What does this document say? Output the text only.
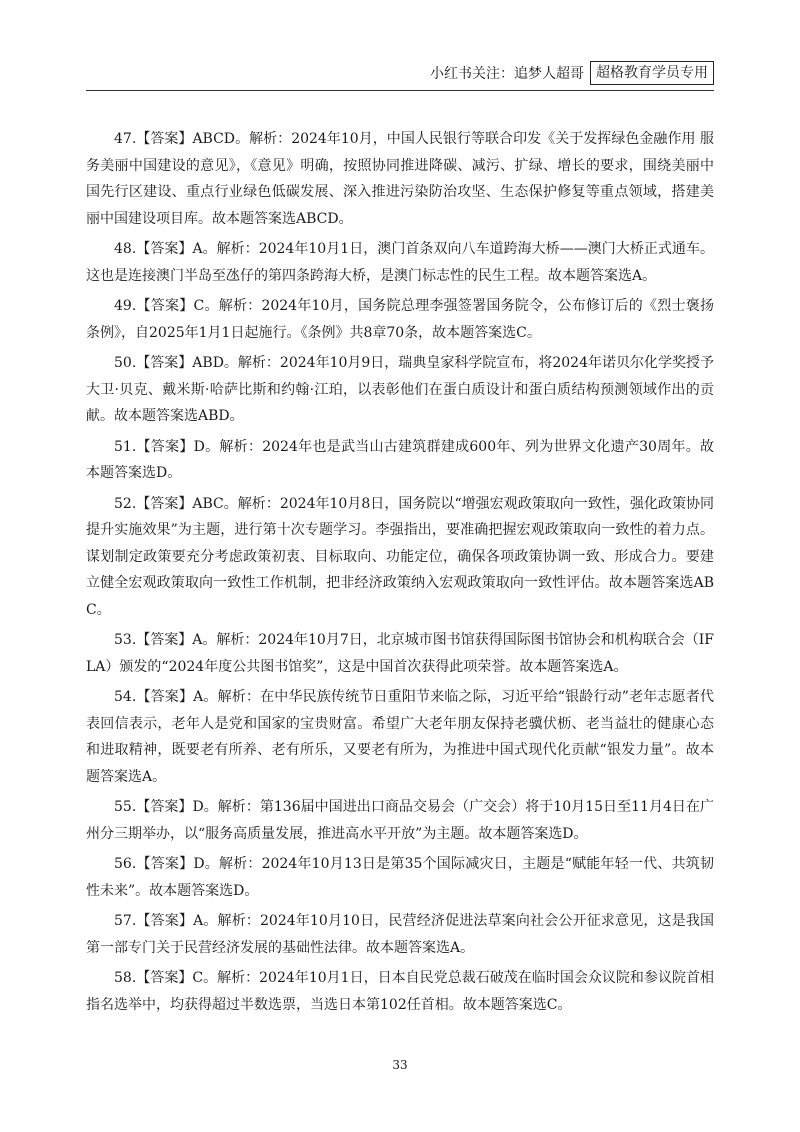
小红书关注：追梦人超哥 超格教育学员专用

47.【答案】ABCD。解析：2024年10月，中国人民银行等联合印发《关于发挥绿色金融作用 服务美丽中国建设的意见》，《意见》明确，按照协同推进降碳、减污、扩绿、增长的要求，围绕美丽中国先行区建设、重点行业绿色低碳发展、深入推进污染防治攻坚、生态保护修复等重点领域，搭建美丽中国建设项目库。故本题答案选ABCD。

48.【答案】A。解析：2024年10月1日，澳门首条双向八车道跨海大桥——澳门大桥正式通车。这也是连接澳门半岛至氹仔的第四条跨海大桥，是澳门标志性的民生工程。故本题答案选A。

49.【答案】C。解析：2024年10月，国务院总理李强签署国务院令，公布修订后的《烈士褒扬条例》，自2025年1月1日起施行。《条例》共8章70条，故本题答案选C。

50.【答案】ABD。解析：2024年10月9日，瑞典皇家科学院宣布，将2024年诺贝尔化学奖授予大卫·贝克、戴米斯·哈萨比斯和约翰·江珀，以表彰他们在蛋白质设计和蛋白质结构预测领域作出的贡献。故本题答案选ABD。

51.【答案】D。解析：2024年也是武当山古建筑群建成600年、列为世界文化遗产30周年。故本题答案选D。

52.【答案】ABC。解析：2024年10月8日，国务院以“增强宏观政策取向一致性，强化政策协同提升实施效果”为主题，进行第十次专题学习。李强指出，要准确把握宏观政策取向一致性的着力点。谋划制定政策要充分考虑政策初衷、目标取向、功能定位，确保各项政策协调一致、形成合力。要建立健全宏观政策取向一致性工作机制，把非经济政策纳入宏观政策取向一致性评估。故本题答案选ABC。

53.【答案】A。解析：2024年10月7日，北京城市图书馆获得国际图书馆协会和机构联合会（IFLA）颁发的“2024年度公共图书馆奖”，这是中国首次获得此项荣誉。故本题答案选A。

54.【答案】A。解析：在中华民族传统节日重阳节来临之际，习近平给“银龄行动”老年志愿者代表回信表示，老年人是党和国家的宝贵财富。希望广大老年朋友保持老骥伏枥、老当益壮的健康心态和进取精神，既要老有所养、老有所乐，又要老有所为，为推进中国式现代化贡献“银发力量”。故本题答案选A。

55.【答案】D。解析：第136届中国进出口商品交易会（广交会）将于10月15日至11月4日在广州分三期举办，以“服务高质量发展，推进高水平开放”为主题。故本题答案选D。

56.【答案】D。解析：2024年10月13日是第35个国际减灾日，主题是“赋能年轻一代、共筑韧性未来”。故本题答案选D。

57.【答案】A。解析：2024年10月10日，民营经济促进法草案向社会公开征求意见，这是我国第一部专门关于民营经济发展的基础性法律。故本题答案选A。

58.【答案】C。解析：2024年10月1日，日本自民党总裁石破茂在临时国会众议院和参议院首相指名选举中，均获得超过半数选票，当选日本第102任首相。故本题答案选C。

33
